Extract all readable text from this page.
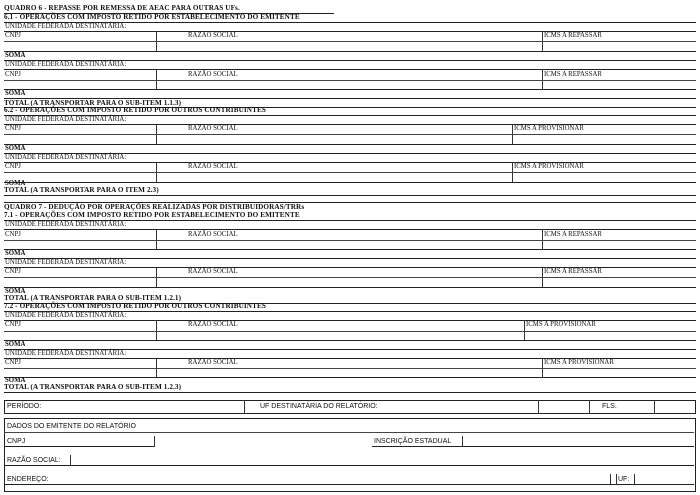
QUADRO 6 - REPASSE POR REMESSA DE AEAC PARA OUTRAS UFs.
6.1 - OPERAÇÕES COM IMPOSTO RETIDO POR ESTABELECIMENTO DO EMITENTE
UNIDADE FEDERADA DESTINATÁRIA:
CNPJ	RAZÃO SOCIAL	ICMS A REPASSAR
SOMA
UNIDADE FEDERADA DESTINATÁRIA:
CNPJ	RAZÃO SOCIAL	ICMS A REPASSAR
SOMA
TOTAL (A TRANSPORTAR PARA O SUB-ITEM 1.1.3)
6.2 - OPERAÇÕES COM IMPOSTO RETIDO POR OUTROS CONTRIBUINTES
UNIDADE FEDERADA DESTINATÁRIA:
CNPJ	RAZÃO SOCIAL	ICMS A PROVISIONAR
SOMA
UNIDADE FEDERADA DESTINATÁRIA:
CNPJ	RAZÃO SOCIAL	ICMS A PROVISIONAR
SOMA
TOTAL (A TRANSPORTAR PARA O ITEM 2.3)
QUADRO 7 - DEDUÇÃO POR OPERAÇÕES REALIZADAS POR DISTRIBUIDORAS/TRRs
7.1 - OPERAÇÕES COM IMPOSTO RETIDO POR ESTABELECIMENTO DO EMITENTE
UNIDADE FEDERADA DESTINATÁRIA:
CNPJ	RAZÃO SOCIAL	ICMS A REPASSAR
SOMA
UNIDADE FEDERADA DESTINATÁRIA:
CNPJ	RAZÃO SOCIAL	ICMS A REPASSAR
SOMA
TOTAL (A TRANSPORTAR PARA O SUB-ITEM 1.2.1)
7.2 - OPERAÇÕES COM IMPOSTO RETIDO POR OUTROS CONTRIBUINTES
UNIDADE FEDERADA DESTINATÁRIA:
CNPJ	RAZÃO SOCIAL	ICMS A PROVISIONAR
SOMA
UNIDADE FEDERADA DESTINATÁRIA:
CNPJ	RAZÃO SOCIAL	ICMS A PROVISIONAR
SOMA
TOTAL (A TRANSPORTAR PARA O SUB-ITEM 1.2.3)
PERÍODO:	UF DESTINATÁRIA DO RELATÓRIO:	FLS.
DADOS DO EMITENTE DO RELATÓRIO
CNPJ	INSCRIÇÃO ESTADUAL
RAZÃO SOCIAL:
ENDEREÇO:	UF:
